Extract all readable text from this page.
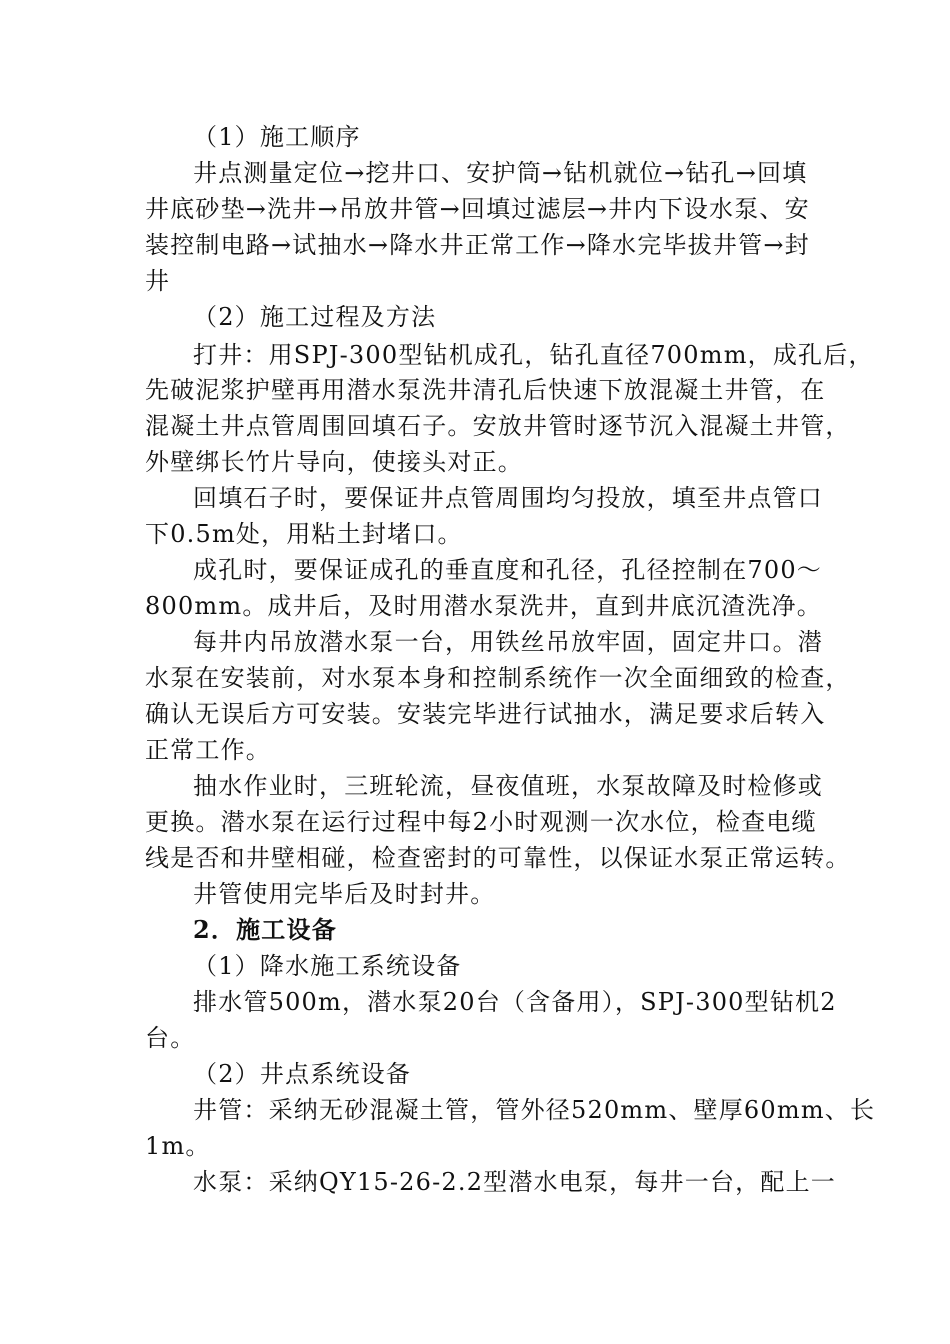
（1）施工顺序
井点测量定位→挖井口、安护筒→钻机就位→钻孔→回填
井底砂垫→洗井→吊放井管→回填过滤层→井内下设水泵、安
装控制电路→试抽水→降水井正常工作→降水完毕拔井管→封
井
（2）施工过程及方法
打井：用SPJ-300型钻机成孔，钻孔直径700mm，成孔后，
先破泥浆护壁再用潜水泵洗井清孔后快速下放混凝土井管，在
混凝土井点管周围回填石子。安放井管时逐节沉入混凝土井管，
外壁绑长竹片导向，使接头对正。
回填石子时，要保证井点管周围均匀投放，填至井点管口
下0.5m处，用粘土封堵口。
成孔时，要保证成孔的垂直度和孔径，孔径控制在700～
800mm。成井后，及时用潜水泵洗井，直到井底沉渣洗净。
每井内吊放潜水泵一台，用铁丝吊放牢固，固定井口。潜
水泵在安装前，对水泵本身和控制系统作一次全面细致的检查，
确认无误后方可安装。安装完毕进行试抽水，满足要求后转入
正常工作。
抽水作业时，三班轮流，昼夜值班，水泵故障及时检修或
更换。潜水泵在运行过程中每2小时观测一次水位，检查电缆
线是否和井壁相碰，检查密封的可靠性，以保证水泵正常运转。
井管使用完毕后及时封井。
2．施工设备
（1）降水施工系统设备
排水管500m，潜水泵20台（含备用），SPJ-300型钻机2
台。
（2）井点系统设备
井管：采纳无砂混凝土管，管外径520mm、壁厚60mm、长
1m。
水泵：采纳QY15-26-2.2型潜水电泵，每井一台，配上一
